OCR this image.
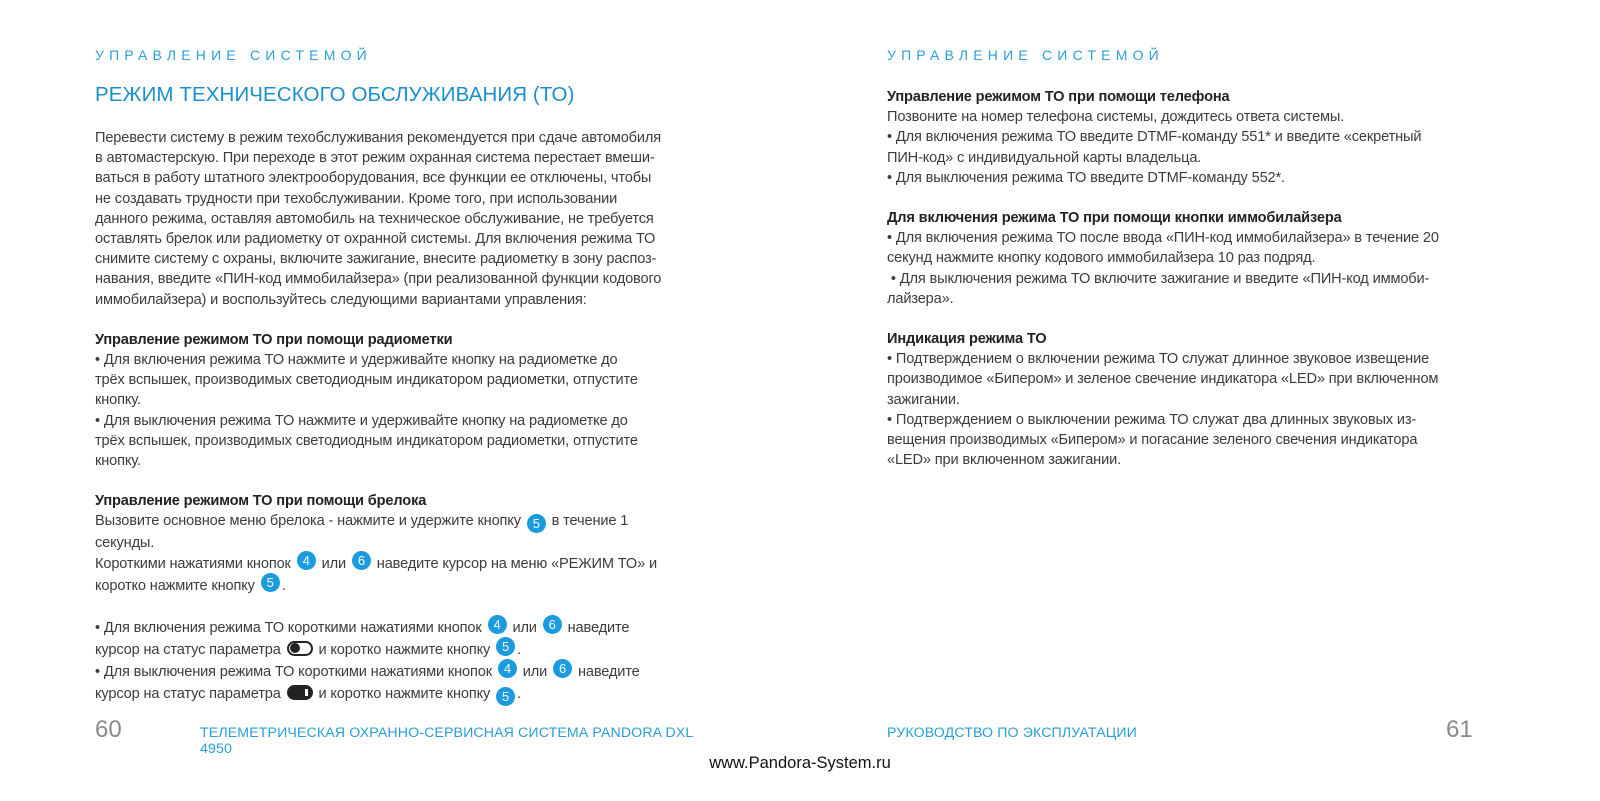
УПРАВЛЕНИЕ СИСТЕМОЙ
РЕЖИМ ТЕХНИЧЕСКОГО ОБСЛУЖИВАНИЯ (ТО)
Перевести систему в режим техобслуживания рекомендуется при сдаче автомобиля
в автомастерскую. При переходе в этот режим охранная система перестает вмеши-
ваться в работу штатного электрооборудования, все функции ее отключены, чтобы
не создавать трудности при техобслуживании. Кроме того, при использовании
данного режима, оставляя автомобиль на техническое обслуживание, не требуется
оставлять брелок или радиометку от охранной системы. Для включения режима ТО
снимите систему с охраны, включите зажигание, внесите радиометку в зону распоз-
навания, введите «ПИН-код иммобилайзера» (при реализованной функции кодового
иммобилайзера) и воспользуйтесь следующими вариантами управления:
Управление режимом ТО при помощи радиометки
• Для включения режима ТО нажмите и удерживайте кнопку на радиометке до
трёх вспышек, производимых светодиодным индикатором радиометки, отпустите
кнопку.
• Для выключения режима ТО нажмите и удерживайте кнопку на радиометке до
трёх вспышек, производимых светодиодным индикатором радиометки, отпустите
кнопку.
Управление режимом ТО при помощи брелока
Вызовите основное меню брелока - нажмите и удержите кнопку 5 в течение 1
секунды.
Короткими нажатиями кнопок 4 или 6 наведите курсор на меню «РЕЖИМ ТО» и
коротко нажмите кнопку 5 .
• Для включения режима ТО короткими нажатиями кнопок 4 или 6 наведите
курсор на статус параметра	и коротко нажмите кнопку 5 .
• Для выключения режима ТО короткими нажатиями кнопок 4 или 6 наведите
курсор на статус параметра	и коротко нажмите кнопку 5 .
60	ТЕЛЕМЕТРИЧЕСКАЯ ОХРАННО-СЕРВИСНАЯ СИСТЕМА PANDORA DXL 4950
УПРАВЛЕНИЕ СИСТЕМОЙ
Управление режимом ТО при помощи телефона
Позвоните на номер телефона системы, дождитесь ответа системы.
• Для включения режима ТО введите DTMF-команду 551* и введите «секретный
ПИН-код» с индивидуальной карты владельца.
• Для выключения режима ТО введите DTMF-команду 552*.
Для включения режима ТО при помощи кнопки иммобилайзера
• Для включения режима ТО после ввода «ПИН-код иммобилайзера» в течение 20
секунд нажмите кнопку кодового иммобилайзера 10 раз подряд.
• Для выключения режима ТО включите зажигание и введите «ПИН-код иммоби-
лайзера».
Индикация режима ТО
• Подтверждением о включении режима ТО служат длинное звуковое извещение
производимое «Бипером» и зеленое свечение индикатора «LED» при включенном
зажигании.
• Подтверждением о выключении режима ТО служат два длинных звуковых из-
вещения производимых «Бипером» и погасание зеленого свечения индикатора
«LED» при включенном зажигании.
РУКОВОДСТВО ПО ЭКСПЛУАТАЦИИ	61
www.Pandora-System.ru
